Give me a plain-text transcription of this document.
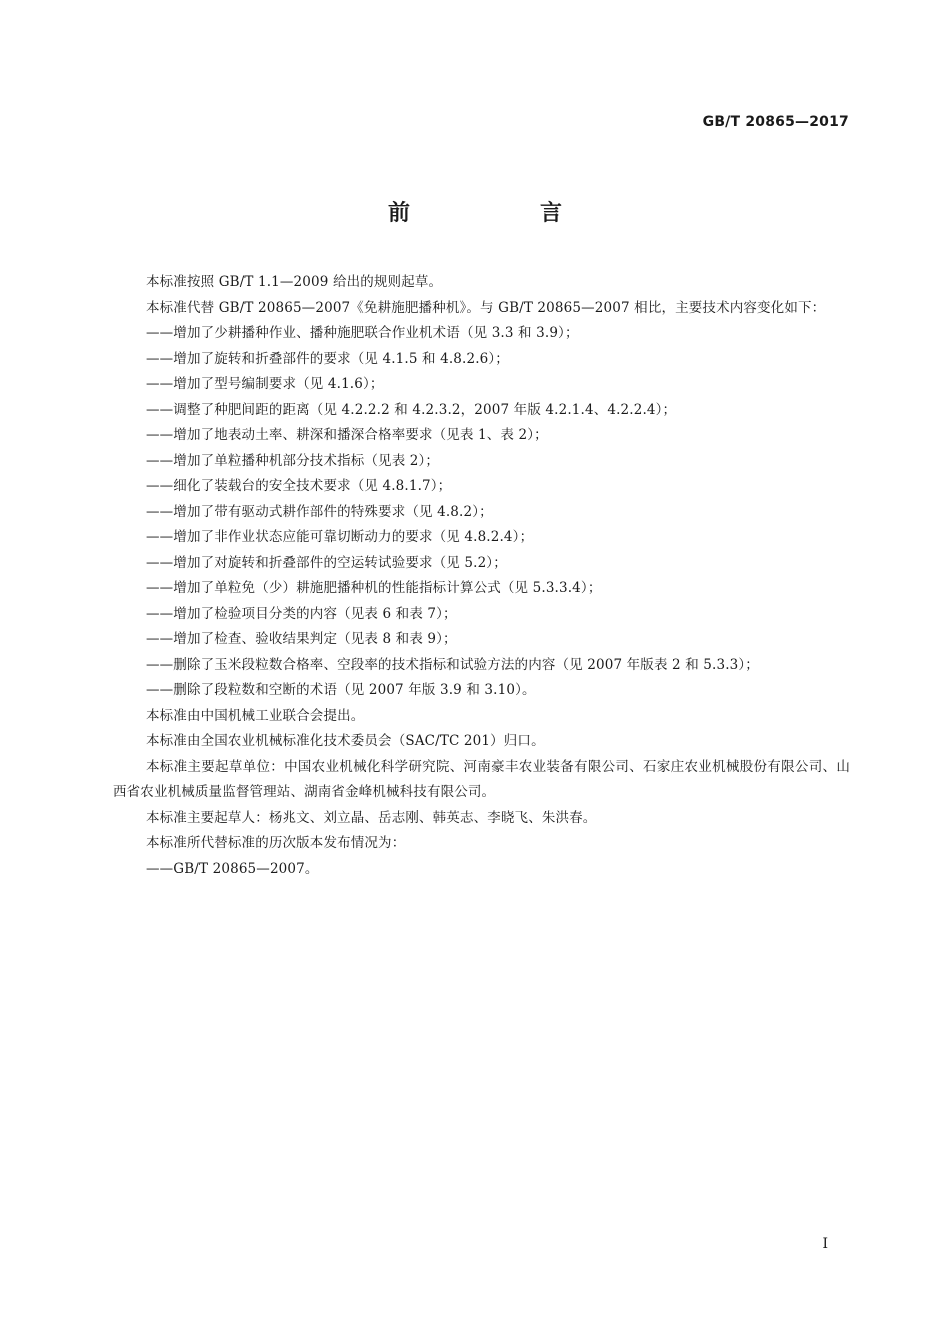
GB/T 20865—2017
前　言

本标准按照 GB/T 1.1—2009 给出的规则起草。

本标准代替 GB/T 20865—2007《免耕施肥播种机》。与 GB/T 20865—2007 相比，主要技术内容变化如下：

——增加了少耕播种作业、播种施肥联合作业机术语（见 3.3 和 3.9）；

——增加了旋转和折叠部件的要求（见 4.1.5 和 4.8.2.6）；

——增加了型号编制要求（见 4.1.6）；

——调整了种肥间距的距离（见 4.2.2.2 和 4.2.3.2，2007 年版 4.2.1.4、4.2.2.4）；

——增加了地表动土率、耕深和播深合格率要求（见表 1、表 2）；

——增加了单粒播种机部分技术指标（见表 2）；

——细化了装载台的安全技术要求（见 4.8.1.7）；

——增加了带有驱动式耕作部件的特殊要求（见 4.8.2）；

——增加了非作业状态应能可靠切断动力的要求（见 4.8.2.4）；

——增加了对旋转和折叠部件的空运转试验要求（见 5.2）；

——增加了单粒免（少）耕施肥播种机的性能指标计算公式（见 5.3.3.4）；

——增加了检验项目分类的内容（见表 6 和表 7）；

——增加了检查、验收结果判定（见表 8 和表 9）；

——删除了玉米段粒数合格率、空段率的技术指标和试验方法的内容（见 2007 年版表 2 和 5.3.3）；

——删除了段粒数和空断的术语（见 2007 年版 3.9 和 3.10）。

本标准由中国机械工业联合会提出。

本标准由全国农业机械标准化技术委员会（SAC/TC 201）归口。

本标准主要起草单位：中国农业机械化科学研究院、河南豪丰农业装备有限公司、石家庄农业机械股份有限公司、山西省农业机械质量监督管理站、湖南省金峰机械科技有限公司。

本标准主要起草人：杨兆文、刘立晶、岳志刚、韩英志、李晓飞、朱洪春。

本标准所代替标准的历次版本发布情况为：

——GB/T 20865—2007。

I
